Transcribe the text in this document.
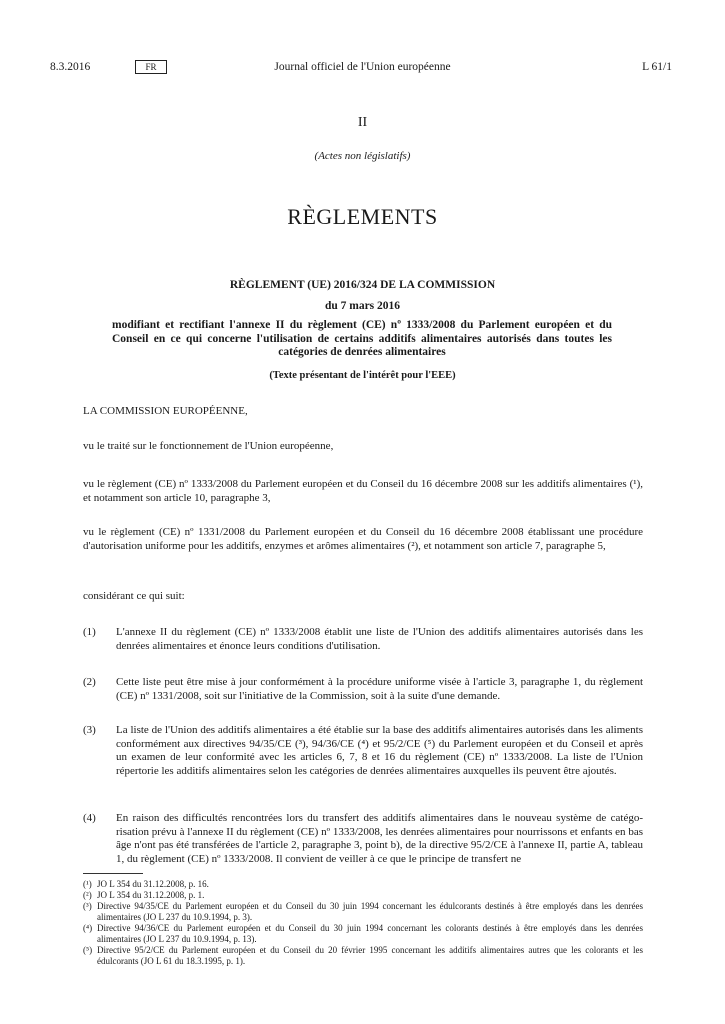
8.3.2016	FR	Journal officiel de l'Union européenne	L 61/1
II
(Actes non législatifs)
RÈGLEMENTS
RÈGLEMENT (UE) 2016/324 DE LA COMMISSION
du 7 mars 2016
modifiant et rectifiant l'annexe II du règlement (CE) nº 1333/2008 du Parlement européen et du Conseil en ce qui concerne l'utilisation de certains additifs alimentaires autorisés dans toutes les catégories de denrées alimentaires
(Texte présentant de l'intérêt pour l'EEE)
LA COMMISSION EUROPÉENNE,
vu le traité sur le fonctionnement de l'Union européenne,
vu le règlement (CE) nº 1333/2008 du Parlement européen et du Conseil du 16 décembre 2008 sur les additifs alimentaires (¹), et notamment son article 10, paragraphe 3,
vu le règlement (CE) nº 1331/2008 du Parlement européen et du Conseil du 16 décembre 2008 établissant une procédure d'autorisation uniforme pour les additifs, enzymes et arômes alimentaires (²), et notamment son article 7, paragraphe 5,
considérant ce qui suit:
(1) L'annexe II du règlement (CE) nº 1333/2008 établit une liste de l'Union des additifs alimentaires autorisés dans les denrées alimentaires et énonce leurs conditions d'utilisation.
(2) Cette liste peut être mise à jour conformément à la procédure uniforme visée à l'article 3, paragraphe 1, du règlement (CE) nº 1331/2008, soit sur l'initiative de la Commission, soit à la suite d'une demande.
(3) La liste de l'Union des additifs alimentaires a été établie sur la base des additifs alimentaires autorisés dans les aliments conformément aux directives 94/35/CE (³), 94/36/CE (⁴) et 95/2/CE (⁵) du Parlement européen et du Conseil et après un examen de leur conformité avec les articles 6, 7, 8 et 16 du règlement (CE) nº 1333/2008. La liste de l'Union répertorie les additifs alimentaires selon les catégories de denrées alimentaires auxquelles ils peuvent être ajoutés.
(4) En raison des difficultés rencontrées lors du transfert des additifs alimentaires dans le nouveau système de catégo-risation prévu à l'annexe II du règlement (CE) nº 1333/2008, les denrées alimentaires pour nourrissons et enfants en bas âge n'ont pas été transférées de l'article 2, paragraphe 3, point b), de la directive 95/2/CE à l'annexe II, partie A, tableau 1, du règlement (CE) nº 1333/2008. Il convient de veiller à ce que le principe de transfert ne
(¹) JO L 354 du 31.12.2008, p. 16.
(²) JO L 354 du 31.12.2008, p. 1.
(³) Directive 94/35/CE du Parlement européen et du Conseil du 30 juin 1994 concernant les édulcorants destinés à être employés dans les denrées alimentaires (JO L 237 du 10.9.1994, p. 3).
(⁴) Directive 94/36/CE du Parlement européen et du Conseil du 30 juin 1994 concernant les colorants destinés à être employés dans les denrées alimentaires (JO L 237 du 10.9.1994, p. 13).
(⁵) Directive 95/2/CE du Parlement européen et du Conseil du 20 février 1995 concernant les additifs alimentaires autres que les colorants et les édulcorants (JO L 61 du 18.3.1995, p. 1).
